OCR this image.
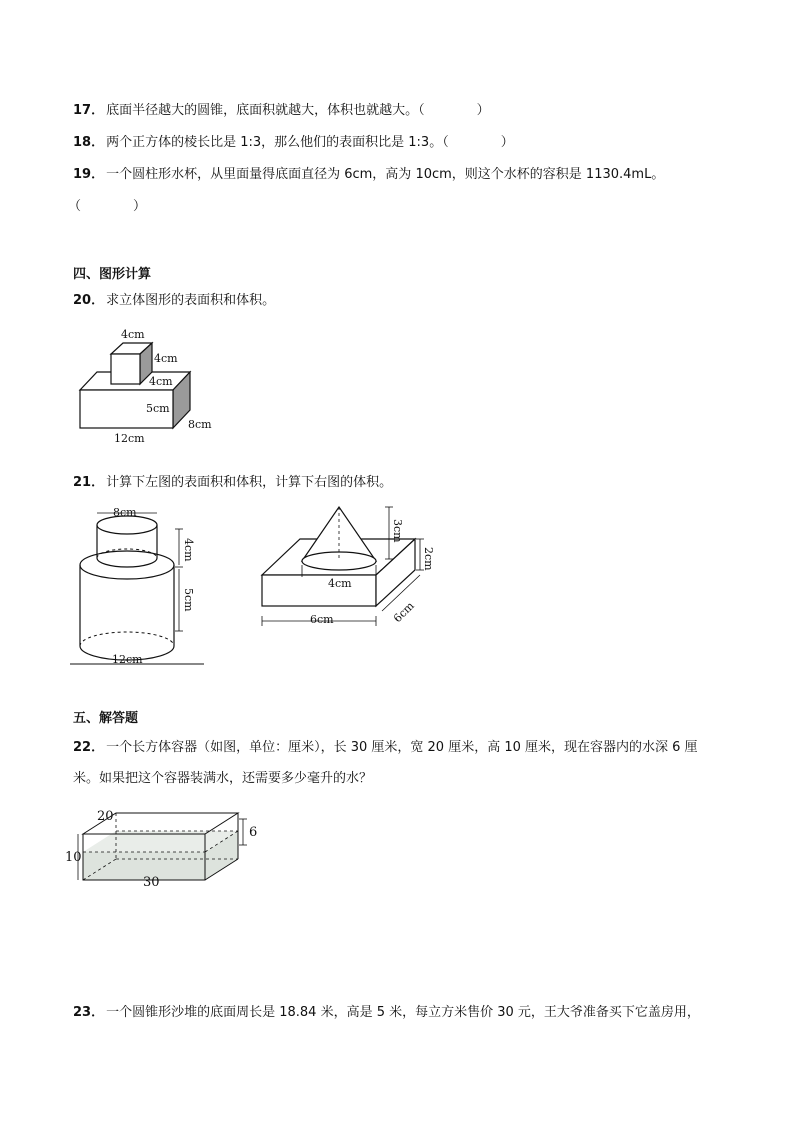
17． 底面半径越大的圆锥，底面积就越大，体积也就越大。（　　　　）
18． 两个正方体的棱长比是 1:3，那么他们的表面积比是 1:3。（　　　　）
19． 一个圆柱形水杯，从里面量得底面直径为 6cm，高为 10cm，则这个水杯的容积是 1130.4mL。
（　　　　）
四、图形计算
20． 求立体图形的表面积和体积。
4cm
4cm
4cm
5cm
8cm
12cm
21． 计算下左图的表面积和体积，计算下右图的体积。
8cm
4cm
5cm
12cm
3cm
4cm
2cm
6cm	6cm
五、解答题
22． 一个长方体容器（如图，单位：厘米），长 30 厘米，宽 20 厘米，高 10 厘米，现在容器内的水深 6 厘
米。如果把这个容器装满水，还需要多少毫升的水？
20
10
30
6
23． 一个圆锥形沙堆的底面周长是 18.84 米，高是 5 米，每立方米售价 30 元，王大爷准备买下它盖房用，
